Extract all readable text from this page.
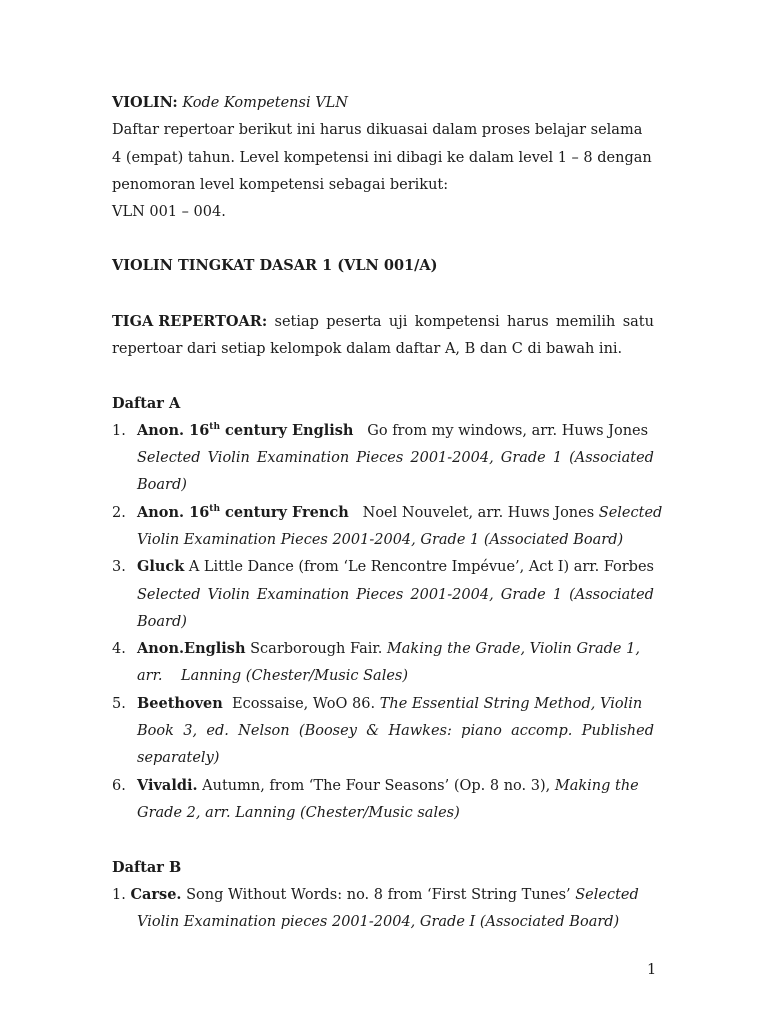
VIOLIN: Kode Kompetensi VLN
Daftar repertoar berikut ini harus dikuasai dalam proses belajar selama
4 (empat) tahun. Level kompetensi ini dibagi ke dalam level 1 – 8 dengan
penomoran level kompetensi sebagai berikut:
VLN 001 – 004.
VIOLIN TINGKAT DASAR 1 (VLN 001/A)
TIGA REPERTOAR: setiap peserta uji kompetensi harus memilih satu
repertoar dari setiap kelompok dalam daftar A, B dan C di bawah ini.
Daftar A
1. Anon. 16th century English Go from my windows, arr. Huws Jones
Selected Violin Examination Pieces 2001-2004, Grade 1 (Associated
Board)
2. Anon. 16th century French Noel Nouvelet, arr. Huws Jones Selected
Violin Examination Pieces 2001-2004, Grade 1 (Associated Board)
3. Gluck A Little Dance (from ‘Le Rencontre Impévue’, Act I) arr. Forbes
Selected Violin Examination Pieces 2001-2004, Grade 1 (Associated
Board)
4. Anon.English Scarborough Fair. Making the Grade, Violin Grade 1,
arr. Lanning (Chester/Music Sales)
5. Beethoven Ecossaise, WoO 86. The Essential String Method, Violin
Book 3, ed. Nelson (Boosey & Hawkes: piano accomp. Published
separately)
6. Vivaldi. Autumn, from ‘The Four Seasons’ (Op. 8 no. 3), Making the
Grade 2, arr. Lanning (Chester/Music sales)
Daftar B
1. Carse. Song Without Words: no. 8 from ‘First String Tunes’ Selected
Violin Examination pieces 2001-2004, Grade I (Associated Board)
1
